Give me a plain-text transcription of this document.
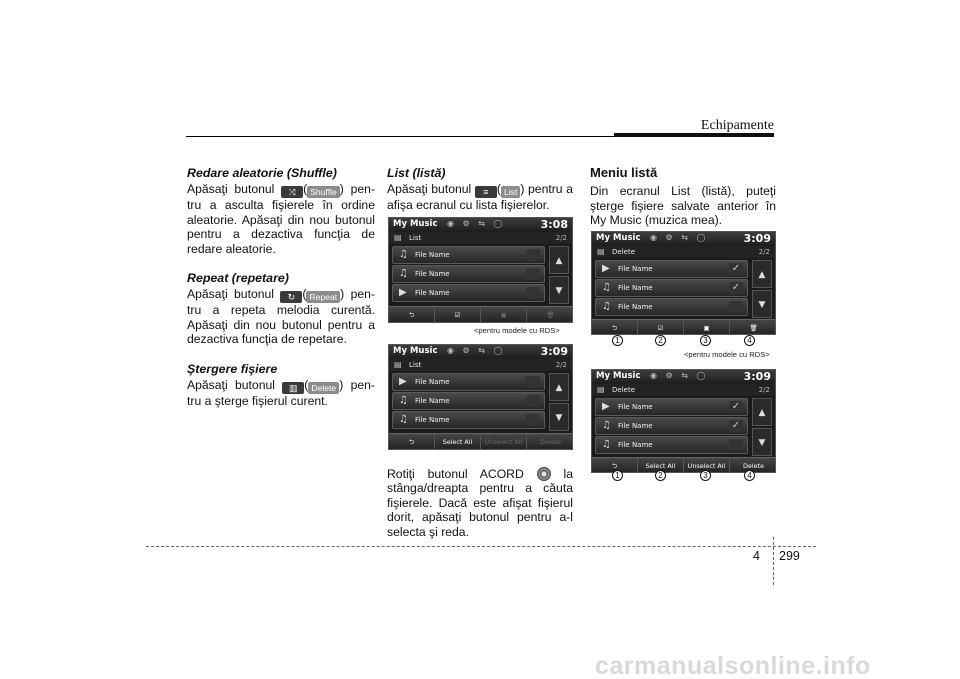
Echipamente
Redare aleatorie (Shuffle)
Apăsaţi butonul ⤨ ( Shuffle ) pen-tru a asculta fişierele în ordine aleatorie. Apăsaţi din nou butonul pentru a dezactiva funcţia de redare aleatorie.
Repeat (repetare)
Apăsaţi butonul ↻ ( Repeat ) pen-tru a repeta melodia curentă. Apăsaţi din nou butonul pentru a dezactiva funcţia de repetare.
Ştergere fişiere
Apăsaţi butonul ▥ ( Delete ) pen-tru a şterge fişierul curent.
List (listă)
Apăsaţi butonul ≡ ( List ) pentru a afişa ecranul cu lista fişierelor.
Rotiţi butonul ACORD	la stânga/dreapta pentru a căuta fişierele. Dacă este afişat fişierul dorit, apăsaţi butonul pentru a-l selecta şi reda.
Meniu listă
Din ecranul List (listă), puteţi şterge fişiere salvate anterior în My Music (muzica mea).
My Music ◉ ⚙ ⇆ ◯	3:08
▤ List	2/2
♫ File Name
♫ File Name
▶ File Name
▲
▼
⮌	☑	▣	🗑
<pentru modele cu RDS>
My Music ◉ ⚙ ⇆ ◯	3:09
▤ List	2/2
▶ File Name
♫ File Name
♫ File Name
▲
▼
⮌	Select All	Unselect All	Delete
My Music ◉ ⚙ ⇆ ◯	3:09
▤ Delete	2/2
▶ File Name	✓
♫ File Name	✓
♫ File Name
▲
▼
⮌	☑	▣	🗑
1	2	3	4
<pentru modele cu RDS>
My Music ◉ ⚙ ⇆ ◯	3:09
▤ Delete	2/2
▶ File Name	✓
♫ File Name	✓
♫ File Name
▲
▼
⮌	Select All	Unselect All	Delete
1	2	3	4
4 299
carmanualsonline.info
